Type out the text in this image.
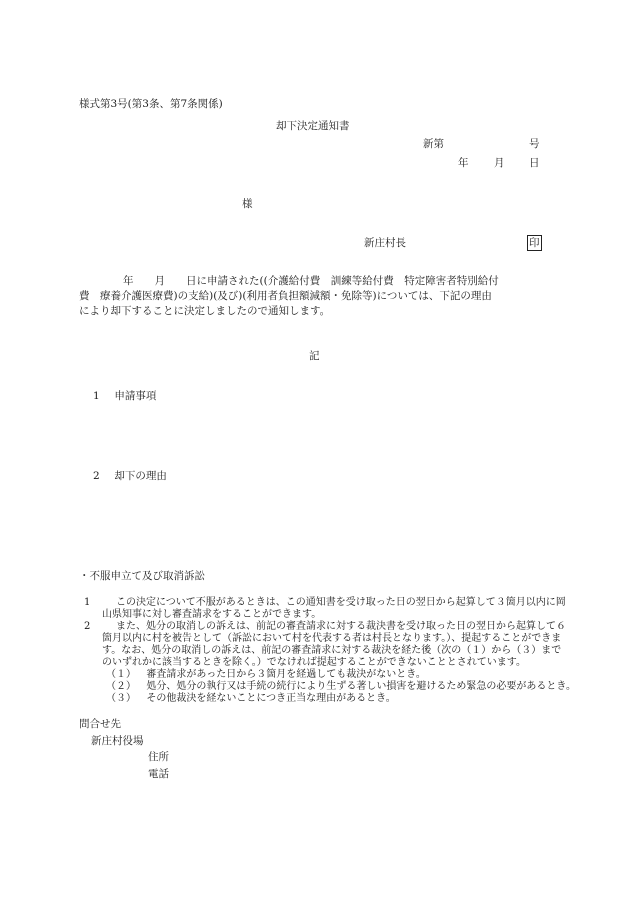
様式第3号(第3条、第7条関係)
却下決定通知書
新第	号
年 月 日
様
新庄村長	印
年　　月　　日に申請された((介護給付費　訓練等給付費　特定障害者特別給付
費　療養介護医療費)の支給)(及び)(利用者負担額減額・免除等)については、下記の理由
により却下することに決定しましたので通知します。
記
1 申請事項
2 却下の理由
・不服申立て及び取消訴訟
1	この決定について不服があるときは、この通知書を受け取った日の翌日から起算して３箇月以内に岡
山県知事に対し審査請求をすることができます。
2	また、処分の取消しの訴えは、前記の審査請求に対する裁決書を受け取った日の翌日から起算して６
箇月以内に村を被告として（訴訟において村を代表する者は村長となります。）、提起することができま
す。なお、処分の取消しの訴えは、前記の審査請求に対する裁決を経た後（次の（１）から（３）まで
のいずれかに該当するときを除く。）でなければ提起することができないこととされています。
（１） 審査請求があった日から３箇月を経過しても裁決がないとき。
（２） 処分、処分の執行又は手続の続行により生ずる著しい損害を避けるため緊急の必要があるとき。
（３） その他裁決を経ないことにつき正当な理由があるとき。
問合せ先
新庄村役場
住所
電話
